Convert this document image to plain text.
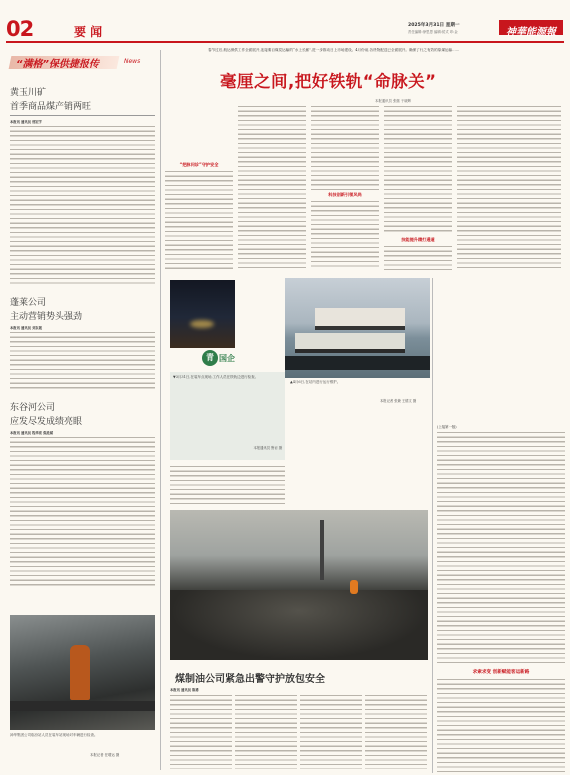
02	要 闻	2025年3月31日 星期一
责任编辑:徐思思 编辑:侯式 印:金	神華能源報
“满格”保供捷报传	News
黄玉川矿
首季商品煤产销两旺
本报讯 通讯员 邢宏宇
蓬莱公司
主动营销势头强劲
本报讯 通讯员 刘东晟
东谷河公司
应发尽发成绩亮眼
本报讯 通讯员 程华亮 焦延斌
神华集团公司临汾站人员在装车站现场对车辆进行检查。
本报记者 任增运 摄
春节过后,航运保供工作全面展开,连接秦百煤炭运输的“水上长廊”,进一步推动日上市场建设。4月份前,各货物配送已全面展开。确保了行之有效的原煤运输……
毫厘之间,把好铁轨“命脉关”
本报通讯员 张继 于晓辉
“把脉问诊”守护安全
科技创新引领风尚
技能提升精打通道
青 国企
▼3月31日,在装车点现场,工作人员在铁轨边进行检查。
本报通讯员 鲁岩 摄
▲4月6日,在站内进行运行维护。
本报记者 张兼 王德文 摄
煤制油公司紧急出警守护放包安全
本报讯 通讯员 陈勇
(上接第一版)
求索求变 创新赋能客运新路
